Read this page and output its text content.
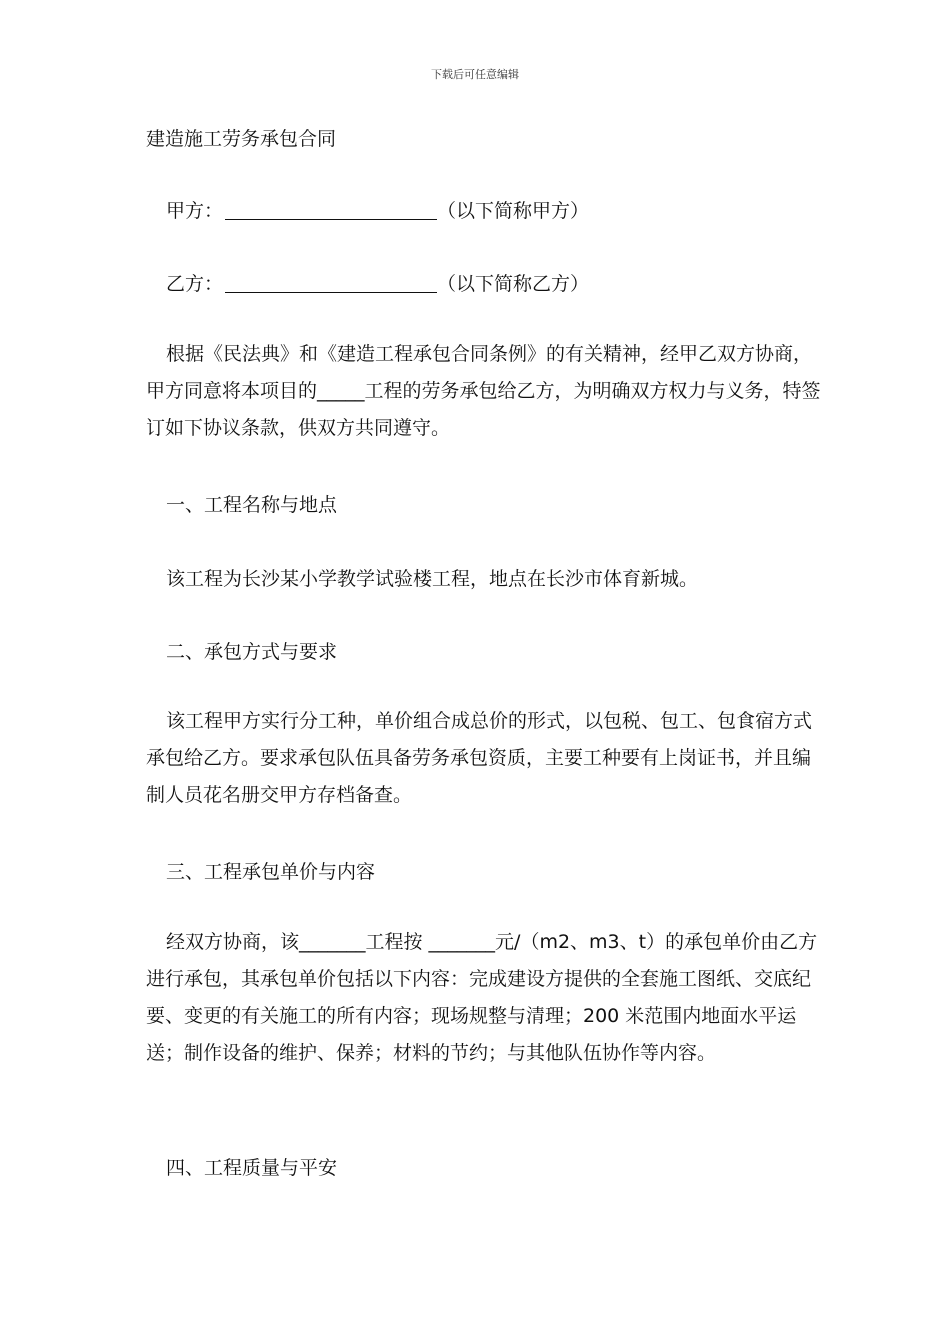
下载后可任意编辑
建造施工劳务承包合同
甲方：	（以下简称甲方）
乙方：	（以下简称乙方）
根据《民法典》和《建造工程承包合同条例》的有关精神，经甲乙双方协商，甲方同意将本项目的_____工程的劳务承包给乙方，为明确双方权力与义务，特签订如下协议条款，供双方共同遵守。
一、工程名称与地点
该工程为长沙某小学教学试验楼工程，地点在长沙市体育新城。
二、承包方式与要求
该工程甲方实行分工种，单价组合成总价的形式，以包税、包工、包食宿方式承包给乙方。要求承包队伍具备劳务承包资质，主要工种要有上岗证书，并且编制人员花名册交甲方存档备查。
三、工程承包单价与内容
经双方协商，该_______工程按 _______元/（m2、m3、t）的承包单价由乙方进行承包，其承包单价包括以下内容：完成建设方提供的全套施工图纸、交底纪要、变更的有关施工的所有内容；现场规整与清理；200 米范围内地面水平运送；制作设备的维护、保养；材料的节约；与其他队伍协作等内容。
四、工程质量与平安
